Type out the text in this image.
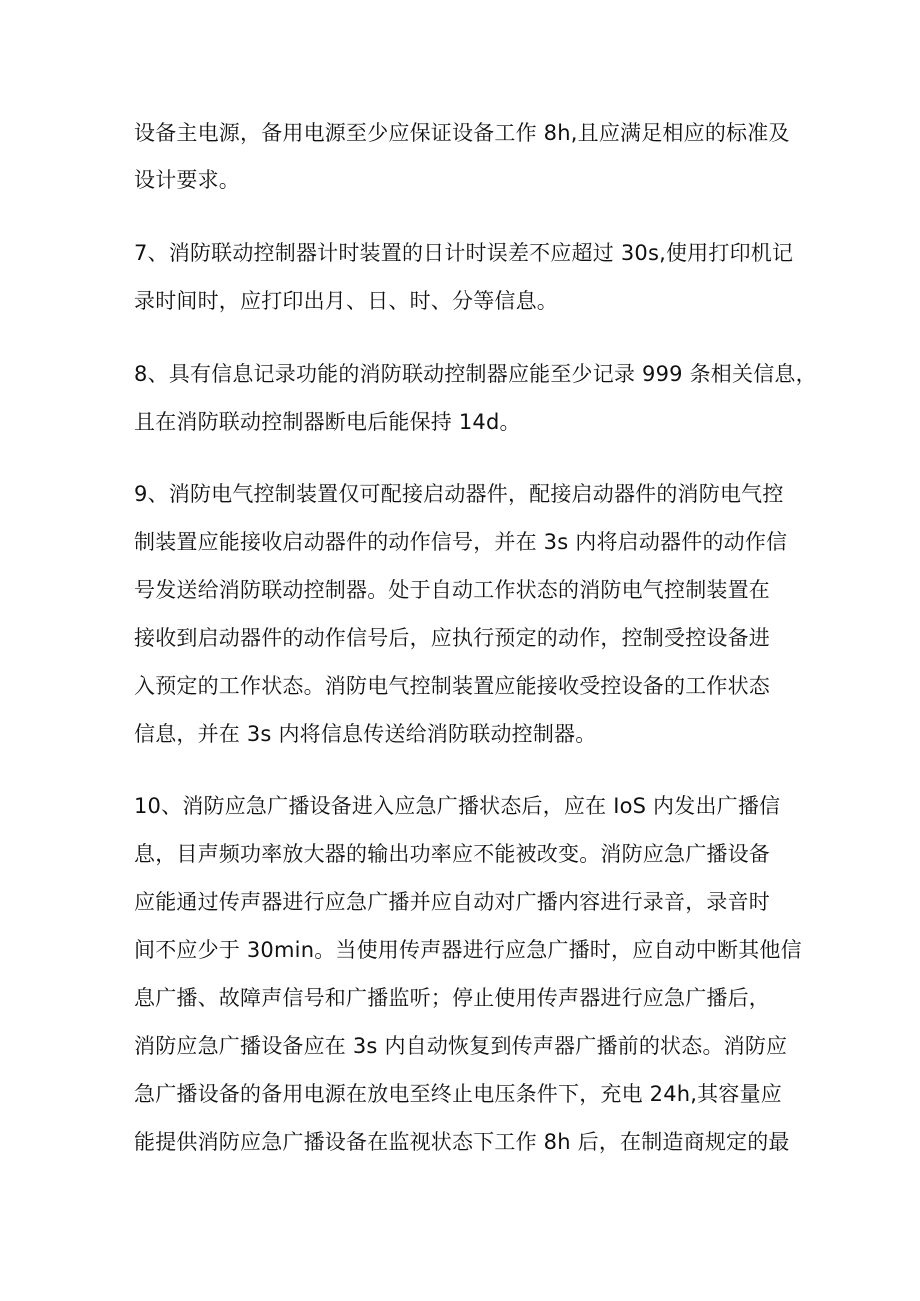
设备主电源，备用电源至少应保证设备工作 8h,且应满足相应的标准及
设计要求。
7、消防联动控制器计时装置的日计时误差不应超过 30s,使用打印机记
录时间时，应打印出月、日、时、分等信息。
8、具有信息记录功能的消防联动控制器应能至少记录 999 条相关信息，
且在消防联动控制器断电后能保持 14d。
9、消防电气控制装置仅可配接启动器件，配接启动器件的消防电气控
制装置应能接收启动器件的动作信号，并在 3s 内将启动器件的动作信
号发送给消防联动控制器。处于自动工作状态的消防电气控制装置在
接收到启动器件的动作信号后，应执行预定的动作，控制受控设备进
入预定的工作状态。消防电气控制装置应能接收受控设备的工作状态
信息，并在 3s 内将信息传送给消防联动控制器。
10、消防应急广播设备进入应急广播状态后，应在 IoS 内发出广播信
息，目声频功率放大器的输出功率应不能被改变。消防应急广播设备
应能通过传声器进行应急广播并应自动对广播内容进行录音，录音时
间不应少于 30min。当使用传声器进行应急广播时，应自动中断其他信
息广播、故障声信号和广播监听；停止使用传声器进行应急广播后，
消防应急广播设备应在 3s 内自动恢复到传声器广播前的状态。消防应
急广播设备的备用电源在放电至终止电压条件下，充电 24h,其容量应
能提供消防应急广播设备在监视状态下工作 8h 后，在制造商规定的最
